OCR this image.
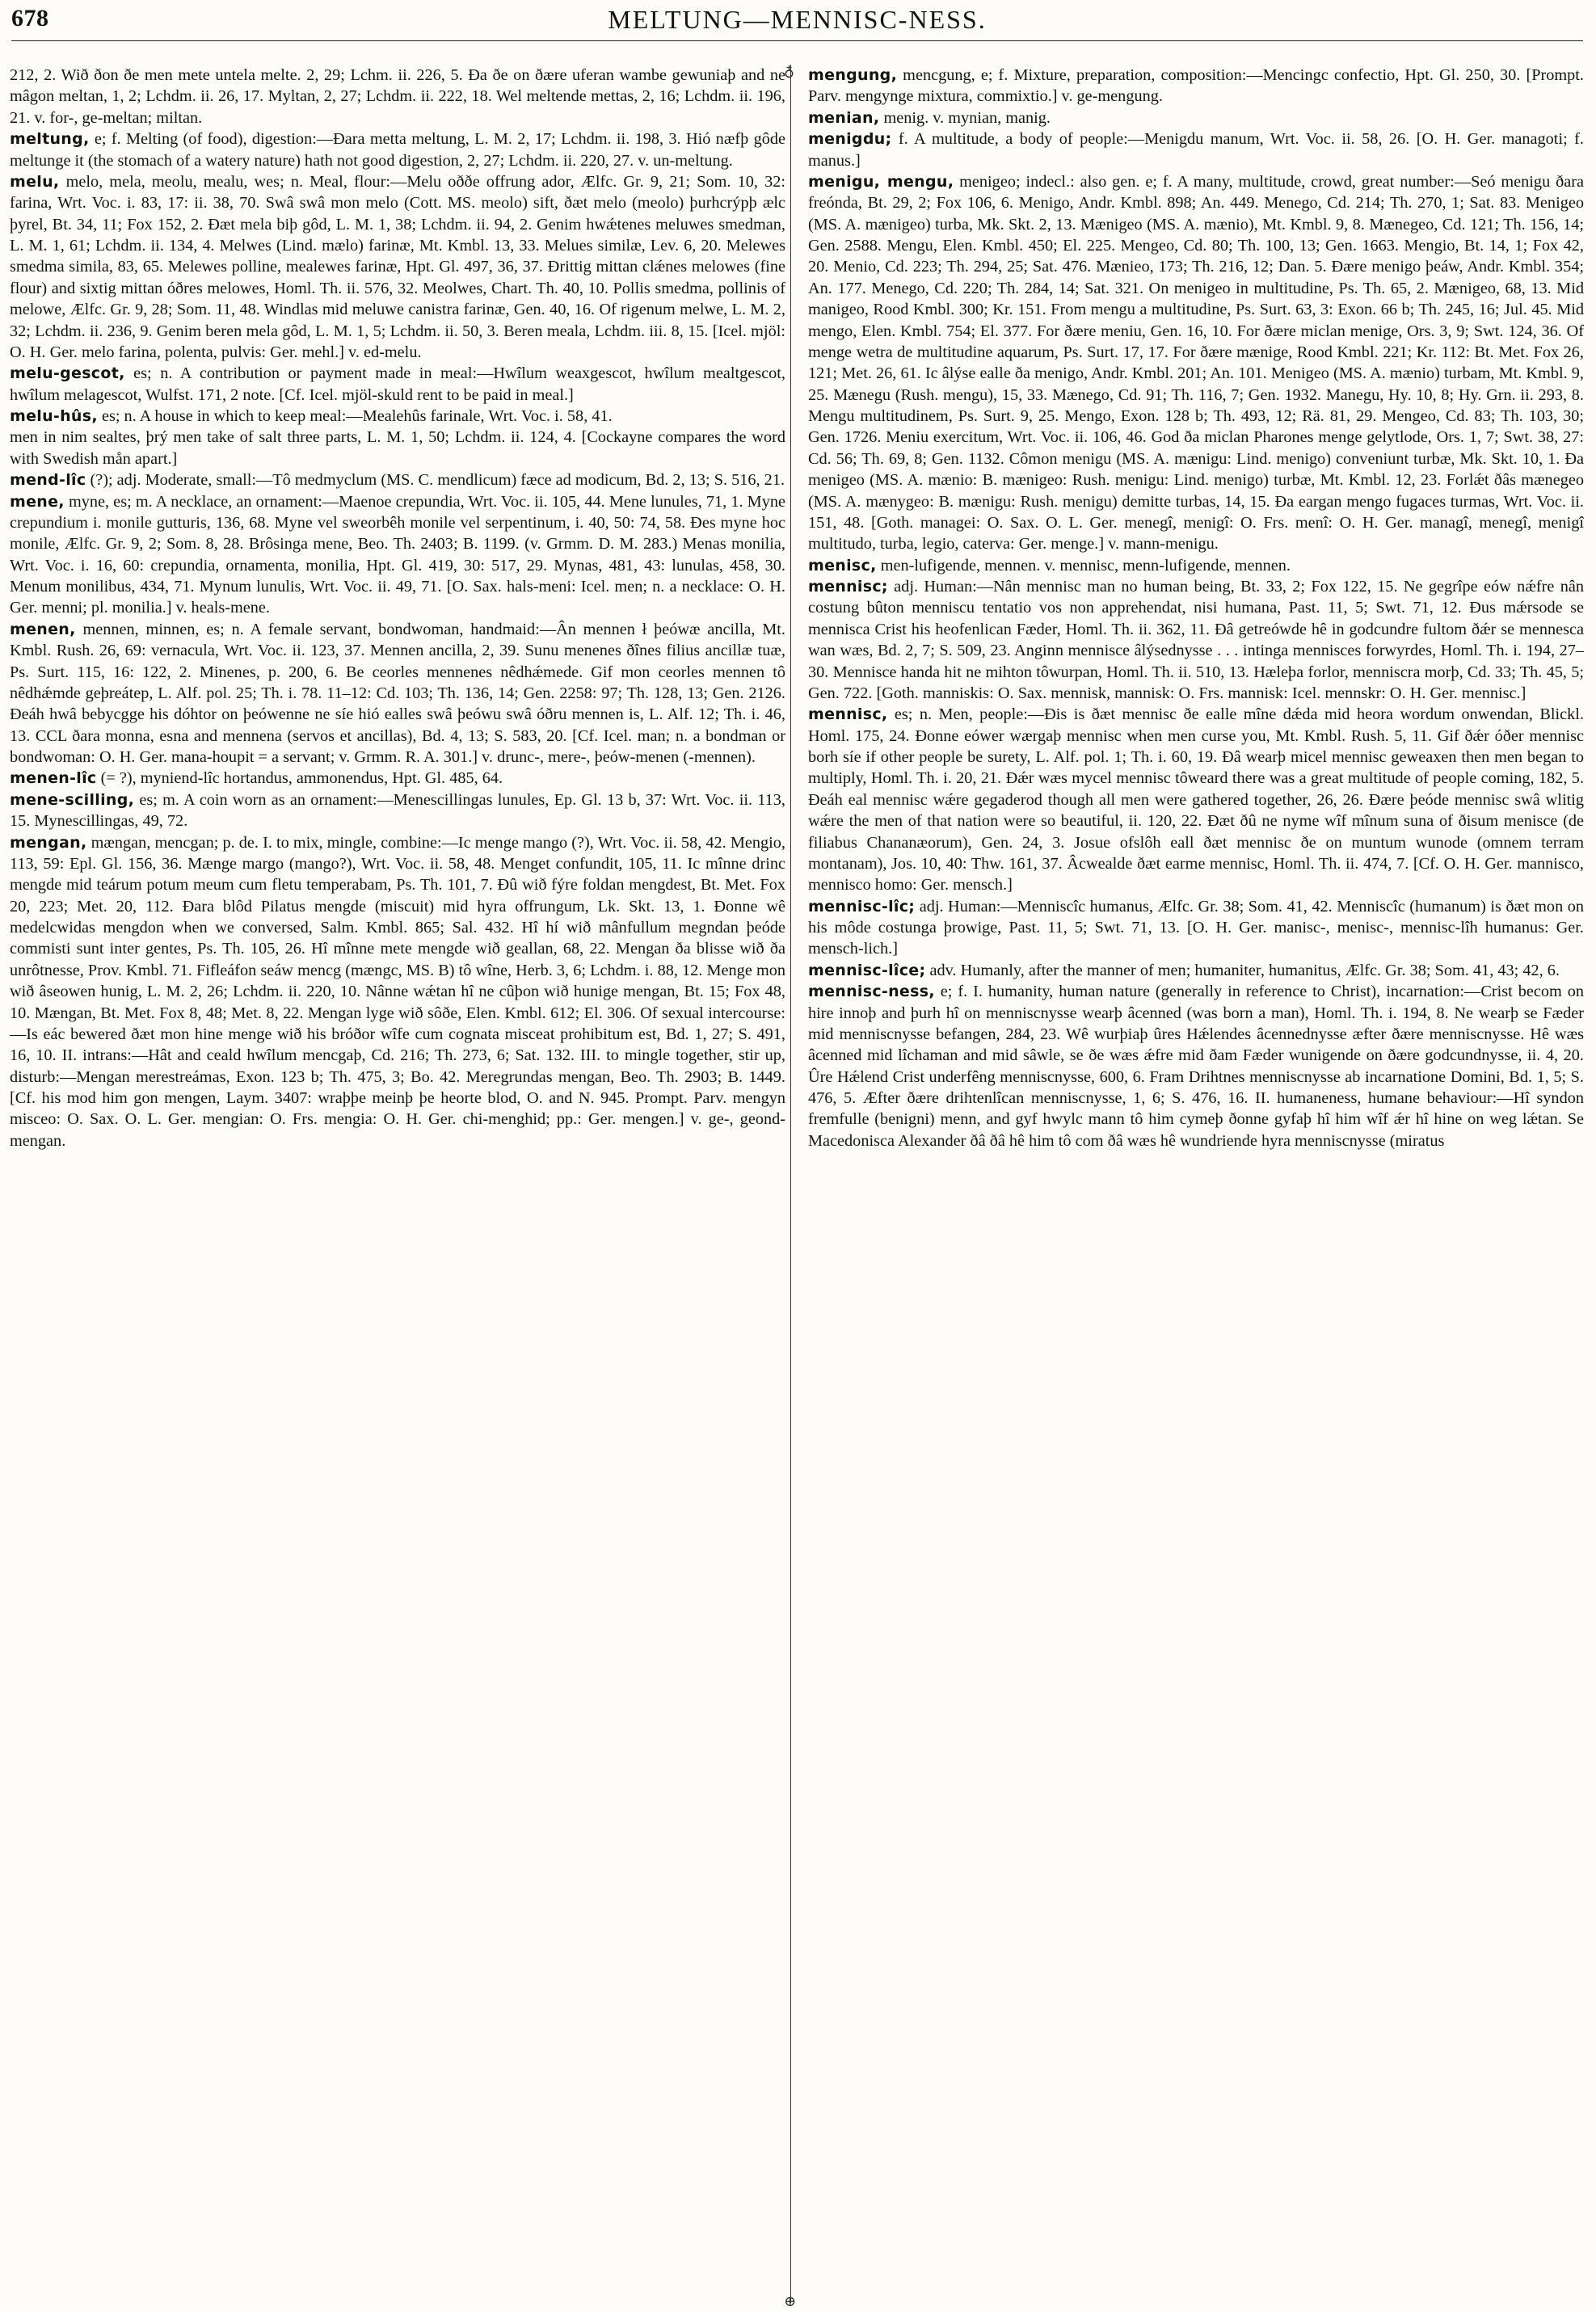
678	MELTUNG—MENNISC-NESS.

212, 2. Wið ðon ðe men mete untela melte. 2, 29; Lchm. ii. 226, 5. Ða ðe on ðære uferan wambe gewuniaþ and ne mâgon meltan, 1, 2; Lchdm. ii. 26, 17. Myltan, 2, 27; Lchdm. ii. 222, 18. Wel meltende mettas, 2, 16; Lchdm. ii. 196, 21. v. for-, ge-meltan; miltan.

meltung, e; f. Melting (of food), digestion:—Ðara metta meltung, L. M. 2, 17; Lchdm. ii. 198, 3. Hió næfþ gôde meltunge it (the stomach of a watery nature) hath not good digestion, 2, 27; Lchdm. ii. 220, 27. v. un-meltung.

melu, melo, mela, meolu, mealu, wes; n. Meal, flour:—Melu oððe offrung ador, Ælfc. Gr. 9, 21; Som. 10, 32: farina, Wrt. Voc. i. 83, 17: ii. 38, 70. Swâ swâ mon melo (Cott. MS. meolo) sift, ðæt melo (meolo) þurhcrýpþ ælc þyrel, Bt. 34, 11; Fox 152, 2. Ðæt mela biþ gôd, L. M. 1, 38; Lchdm. ii. 94, 2. Genim hwǽtenes meluwes smedman, L. M. 1, 61; Lchdm. ii. 134, 4. Melwes (Lind. mælo) farinæ, Mt. Kmbl. 13, 33. Melues similæ, Lev. 6, 20. Melewes smedma simila, 83, 65. Melewes polline, mealewes farinæ, Hpt. Gl. 497, 36, 37. Ðrittig mittan clǽnes melowes (fine flour) and sixtig mittan óðres melowes, Homl. Th. ii. 576, 32. Meolwes, Chart. Th. 40, 10. Pollis smedma, pollinis of melowe, Ælfc. Gr. 9, 28; Som. 11, 48. Windlas mid meluwe canistra farinæ, Gen. 40, 16. Of rigenum melwe, L. M. 2, 32; Lchdm. ii. 236, 9. Genim beren mela gôd, L. M. 1, 5; Lchdm. ii. 50, 3. Beren meala, Lchdm. iii. 8, 15. [Icel. mjöl: O. H. Ger. melo farina, polenta, pulvis: Ger. mehl.] v. ed-melu.

melu-gescot, es; n. A contribution or payment made in meal:—Hwîlum weaxgescot, hwîlum mealtgescot, hwîlum melagescot, Wulfst. 171, 2 note. [Cf. Icel. mjöl-skuld rent to be paid in meal.]

melu-hûs, es; n. A house in which to keep meal:—Mealehûs farinale, Wrt. Voc. i. 58, 41.

men in nim sealtes, þrý men take of salt three parts, L. M. 1, 50; Lchdm. ii. 124, 4. [Cockayne compares the word with Swedish mån apart.]

mend-lîc (?); adj. Moderate, small:—Tô medmyclum (MS. C. mendlicum) fæce ad modicum, Bd. 2, 13; S. 516, 21.

mene, myne, es; m. A necklace, an ornament:—Maenoe crepundia, Wrt. Voc. ii. 105, 44. Mene lunules, 71, 1. Myne crepundium i. monile gutturis, 136, 68. Myne vel sweorbêh monile vel serpentinum, i. 40, 50: 74, 58. Ðes myne hoc monile, Ælfc. Gr. 9, 2; Som. 8, 28. Brôsinga mene, Beo. Th. 2403; B. 1199. (v. Grmm. D. M. 283.) Menas monilia, Wrt. Voc. i. 16, 60: crepundia, ornamenta, monilia, Hpt. Gl. 419, 30: 517, 29. Mynas, 481, 43: lunulas, 458, 30. Menum monilibus, 434, 71. Mynum lunulis, Wrt. Voc. ii. 49, 71. [O. Sax. hals-meni: Icel. men; n. a necklace: O. H. Ger. menni; pl. monilia.] v. heals-mene.

menen, mennen, minnen, es; n. A female servant, bondwoman, handmaid:—Ân mennen ł þeówæ ancilla, Mt. Kmbl. Rush. 26, 69: vernacula, Wrt. Voc. ii. 123, 37. Mennen ancilla, 2, 39. Sunu menenes ðînes filius ancillæ tuæ, Ps. Surt. 115, 16: 122, 2. Minenes, p. 200, 6. Be ceorles mennenes nêdhǽmede. Gif mon ceorles mennen tô nêdhǽmde geþreátep, L. Alf. pol. 25; Th. i. 78. 11–12: Cd. 103; Th. 136, 14; Gen. 2258: 97; Th. 128, 13; Gen. 2126. Ðeáh hwâ bebycgge his dóhtor on þeówenne ne síe hió ealles swâ þeówu swâ óðru mennen is, L. Alf. 12; Th. i. 46, 13. CCL ðara monna, esna and mennena (servos et ancillas), Bd. 4, 13; S. 583, 20. [Cf. Icel. man; n. a bondman or bondwoman: O. H. Ger. mana-houpit = a servant; v. Grmm. R. A. 301.] v. drunc-, mere-, þeów-menen (-mennen).

menen-lîc (= ?), myniend-lîc hortandus, ammonendus, Hpt. Gl. 485, 64.

mene-scilling, es; m. A coin worn as an ornament:—Menescillingas lunules, Ep. Gl. 13 b, 37: Wrt. Voc. ii. 113, 15. Mynescillingas, 49, 72.

mengan, mængan, mencgan; p. de. I. to mix, mingle, combine:—Ic menge mango (?), Wrt. Voc. ii. 58, 42. Mengio, 113, 59: Epl. Gl. 156, 36. Mænge margo (mango?), Wrt. Voc. ii. 58, 48. Menget confundit, 105, 11. Ic mînne drinc mengde mid teárum potum meum cum fletu temperabam, Ps. Th. 101, 7. Ðû wið fýre foldan mengdest, Bt. Met. Fox 20, 223; Met. 20, 112. Ðara blôd Pilatus mengde (miscuit) mid hyra offrungum, Lk. Skt. 13, 1. Ðonne wê medelcwidas mengdon when we conversed, Salm. Kmbl. 865; Sal. 432. Hî hí wið mânfullum megndan þeóde commisti sunt inter gentes, Ps. Th. 105, 26. Hî mînne mete mengde wið geallan, 68, 22. Mengan ða blisse wið ða unrôtnesse, Prov. Kmbl. 71. Fifleáfon seáw mencg (mængc, MS. B) tô wîne, Herb. 3, 6; Lchdm. i. 88, 12. Menge mon wið âseowen hunig, L. M. 2, 26; Lchdm. ii. 220, 10. Nânne wǽtan hî ne cûþon wið hunige mengan, Bt. 15; Fox 48, 10. Mængan, Bt. Met. Fox 8, 48; Met. 8, 22. Mengan lyge wið sôðe, Elen. Kmbl. 612; El. 306. Of sexual intercourse:—Is eác bewered ðæt mon hine menge wið his bróðor wîfe cum cognata misceat prohibitum est, Bd. 1, 27; S. 491, 16, 10. II. intrans:—Hât and ceald hwîlum mencgaþ, Cd. 216; Th. 273, 6; Sat. 132. III. to mingle together, stir up, disturb:—Mengan merestreámas, Exon. 123 b; Th. 475, 3; Bo. 42. Meregrundas mengan, Beo. Th. 2903; B. 1449. [Cf. his mod him gon mengen, Laym. 3407: wraþþe meinþ þe heorte blod, O. and N. 945. Prompt. Parv. mengyn misceo: O. Sax. O. L. Ger. mengian: O. Frs. mengia: O. H. Ger. chi-menghid; pp.: Ger. mengen.] v. ge-, geond-mengan.

♁
⊕

mengung, mencgung, e; f. Mixture, preparation, composition:—Mencingc confectio, Hpt. Gl. 250, 30. [Prompt. Parv. mengynge mixtura, commixtio.] v. ge-mengung.

menian, menig. v. mynian, manig.

menigdu; f. A multitude, a body of people:—Menigdu manum, Wrt. Voc. ii. 58, 26. [O. H. Ger. managoti; f. manus.]

menigu, mengu, menigeo; indecl.: also gen. e; f. A many, multitude, crowd, great number:—Seó menigu ðara freónda, Bt. 29, 2; Fox 106, 6. Menigo, Andr. Kmbl. 898; An. 449. Menego, Cd. 214; Th. 270, 1; Sat. 83. Menigeo (MS. A. mænigeo) turba, Mk. Skt. 2, 13. Mænigeo (MS. A. mænio), Mt. Kmbl. 9, 8. Mænegeo, Cd. 121; Th. 156, 14; Gen. 2588. Mengu, Elen. Kmbl. 450; El. 225. Mengeo, Cd. 80; Th. 100, 13; Gen. 1663. Mengio, Bt. 14, 1; Fox 42, 20. Menio, Cd. 223; Th. 294, 25; Sat. 476. Mænieo, 173; Th. 216, 12; Dan. 5. Ðære menigo þeáw, Andr. Kmbl. 354; An. 177. Menego, Cd. 220; Th. 284, 14; Sat. 321. On menigeo in multitudine, Ps. Th. 65, 2. Mænigeo, 68, 13. Mid manigeo, Rood Kmbl. 300; Kr. 151. From mengu a multitudine, Ps. Surt. 63, 3: Exon. 66 b; Th. 245, 16; Jul. 45. Mid mengo, Elen. Kmbl. 754; El. 377. For ðære meniu, Gen. 16, 10. For ðære miclan menige, Ors. 3, 9; Swt. 124, 36. Of menge wetra de multitudine aquarum, Ps. Surt. 17, 17. For ðære mænige, Rood Kmbl. 221; Kr. 112: Bt. Met. Fox 26, 121; Met. 26, 61. Ic âlýse ealle ða menigo, Andr. Kmbl. 201; An. 101. Menigeo (MS. A. mænio) turbam, Mt. Kmbl. 9, 25. Mænegu (Rush. mengu), 15, 33. Mænego, Cd. 91; Th. 116, 7; Gen. 1932. Manegu, Hy. 10, 8; Hy. Grn. ii. 293, 8. Mengu multitudinem, Ps. Surt. 9, 25. Mengo, Exon. 128 b; Th. 493, 12; Rä. 81, 29. Mengeo, Cd. 83; Th. 103, 30; Gen. 1726. Meniu exercitum, Wrt. Voc. ii. 106, 46. God ða miclan Pharones menge gelytlode, Ors. 1, 7; Swt. 38, 27: Cd. 56; Th. 69, 8; Gen. 1132. Cômon menigu (MS. A. mænigu: Lind. menigo) conveniunt turbæ, Mk. Skt. 10, 1. Ða menigeo (MS. A. mænio: B. mænigeo: Rush. menigu: Lind. menigo) turbæ, Mt. Kmbl. 12, 23. Forlǽt ðâs mænegeo (MS. A. mænygeo: B. mænigu: Rush. menigu) demitte turbas, 14, 15. Ða eargan mengo fugaces turmas, Wrt. Voc. ii. 151, 48. [Goth. managei: O. Sax. O. L. Ger. menegî, menigî: O. Frs. menî: O. H. Ger. managî, menegî, menigî multitudo, turba, legio, caterva: Ger. menge.] v. mann-menigu.

menisc, men-lufigende, mennen. v. mennisc, menn-lufigende, mennen.

mennisc; adj. Human:—Nân mennisc man no human being, Bt. 33, 2; Fox 122, 15. Ne gegrîpe eów nǽfre nân costung bûton menniscu tentatio vos non apprehendat, nisi humana, Past. 11, 5; Swt. 71, 12. Ðus mǽrsode se mennisca Crist his heofenlican Fæder, Homl. Th. ii. 362, 11. Ðâ getreówde hê in godcundre fultom ðǽr se mennesca wan wæs, Bd. 2, 7; S. 509, 23. Anginn mennisce âlýsednysse . . . intinga mennisces forwyrdes, Homl. Th. i. 194, 27–30. Mennisce handa hit ne mihton tôwurpan, Homl. Th. ii. 510, 13. Hæleþa forlor, menniscra morþ, Cd. 33; Th. 45, 5; Gen. 722. [Goth. manniskis: O. Sax. mennisk, mannisk: O. Frs. mannisk: Icel. mennskr: O. H. Ger. mennisc.]

mennisc, es; n. Men, people:—Ðis is ðæt mennisc ðe ealle mîne dǽda mid heora wordum onwendan, Blickl. Homl. 175, 24. Ðonne eówer wærgaþ mennisc when men curse you, Mt. Kmbl. Rush. 5, 11. Gif ðǽr óðer mennisc borh síe if other people be surety, L. Alf. pol. 1; Th. i. 60, 19. Ðâ wearþ micel mennisc geweaxen then men began to multiply, Homl. Th. i. 20, 21. Ðǽr wæs mycel mennisc tôweard there was a great multitude of people coming, 182, 5. Ðeáh eal mennisc wǽre gegaderod though all men were gathered together, 26, 26. Ðære þeóde mennisc swâ wlitig wǽre the men of that nation were so beautiful, ii. 120, 22. Ðæt ðû ne nyme wîf mînum suna of ðisum menisce (de filiabus Chananæorum), Gen. 24, 3. Josue ofslôh eall ðæt mennisc ðe on muntum wunode (omnem terram montanam), Jos. 10, 40: Thw. 161, 37. Âcwealde ðæt earme mennisc, Homl. Th. ii. 474, 7. [Cf. O. H. Ger. mannisco, mennisco homo: Ger. mensch.]

mennisc-lîc; adj. Human:—Menniscîc humanus, Ælfc. Gr. 38; Som. 41, 42. Menniscîc (humanum) is ðæt mon on his môde costunga þrowige, Past. 11, 5; Swt. 71, 13. [O. H. Ger. manisc-, menisc-, mennisc-lîh humanus: Ger. mensch-lich.]

mennisc-lîce; adv. Humanly, after the manner of men; humaniter, humanitus, Ælfc. Gr. 38; Som. 41, 43; 42, 6.

mennisc-ness, e; f. I. humanity, human nature (generally in reference to Christ), incarnation:—Crist becom on hire innoþ and þurh hî on menniscnysse wearþ âcenned (was born a man), Homl. Th. i. 194, 8. Ne wearþ se Fæder mid menniscnysse befangen, 284, 23. Wê wurþiaþ ûres Hǽlendes âcennednysse æfter ðære menniscnysse. Hê wæs âcenned mid lîchaman and mid sâwle, se ðe wæs ǽfre mid ðam Fæder wunigende on ðære godcundnysse, ii. 4, 20. Ûre Hǽlend Crist underfêng menniscnysse, 600, 6. Fram Drihtnes menniscnysse ab incarnatione Domini, Bd. 1, 5; S. 476, 5. Æfter ðære drihtenlîcan menniscnysse, 1, 6; S. 476, 16. II. humaneness, humane behaviour:—Hî syndon fremfulle (benigni) menn, and gyf hwylc mann tô him cymeþ ðonne gyfaþ hî him wîf ǽr hî hine on weg lǽtan. Se Macedonisca Alexander ðâ ðâ hê him tô com ðâ wæs hê wundriende hyra menniscnysse (miratus
